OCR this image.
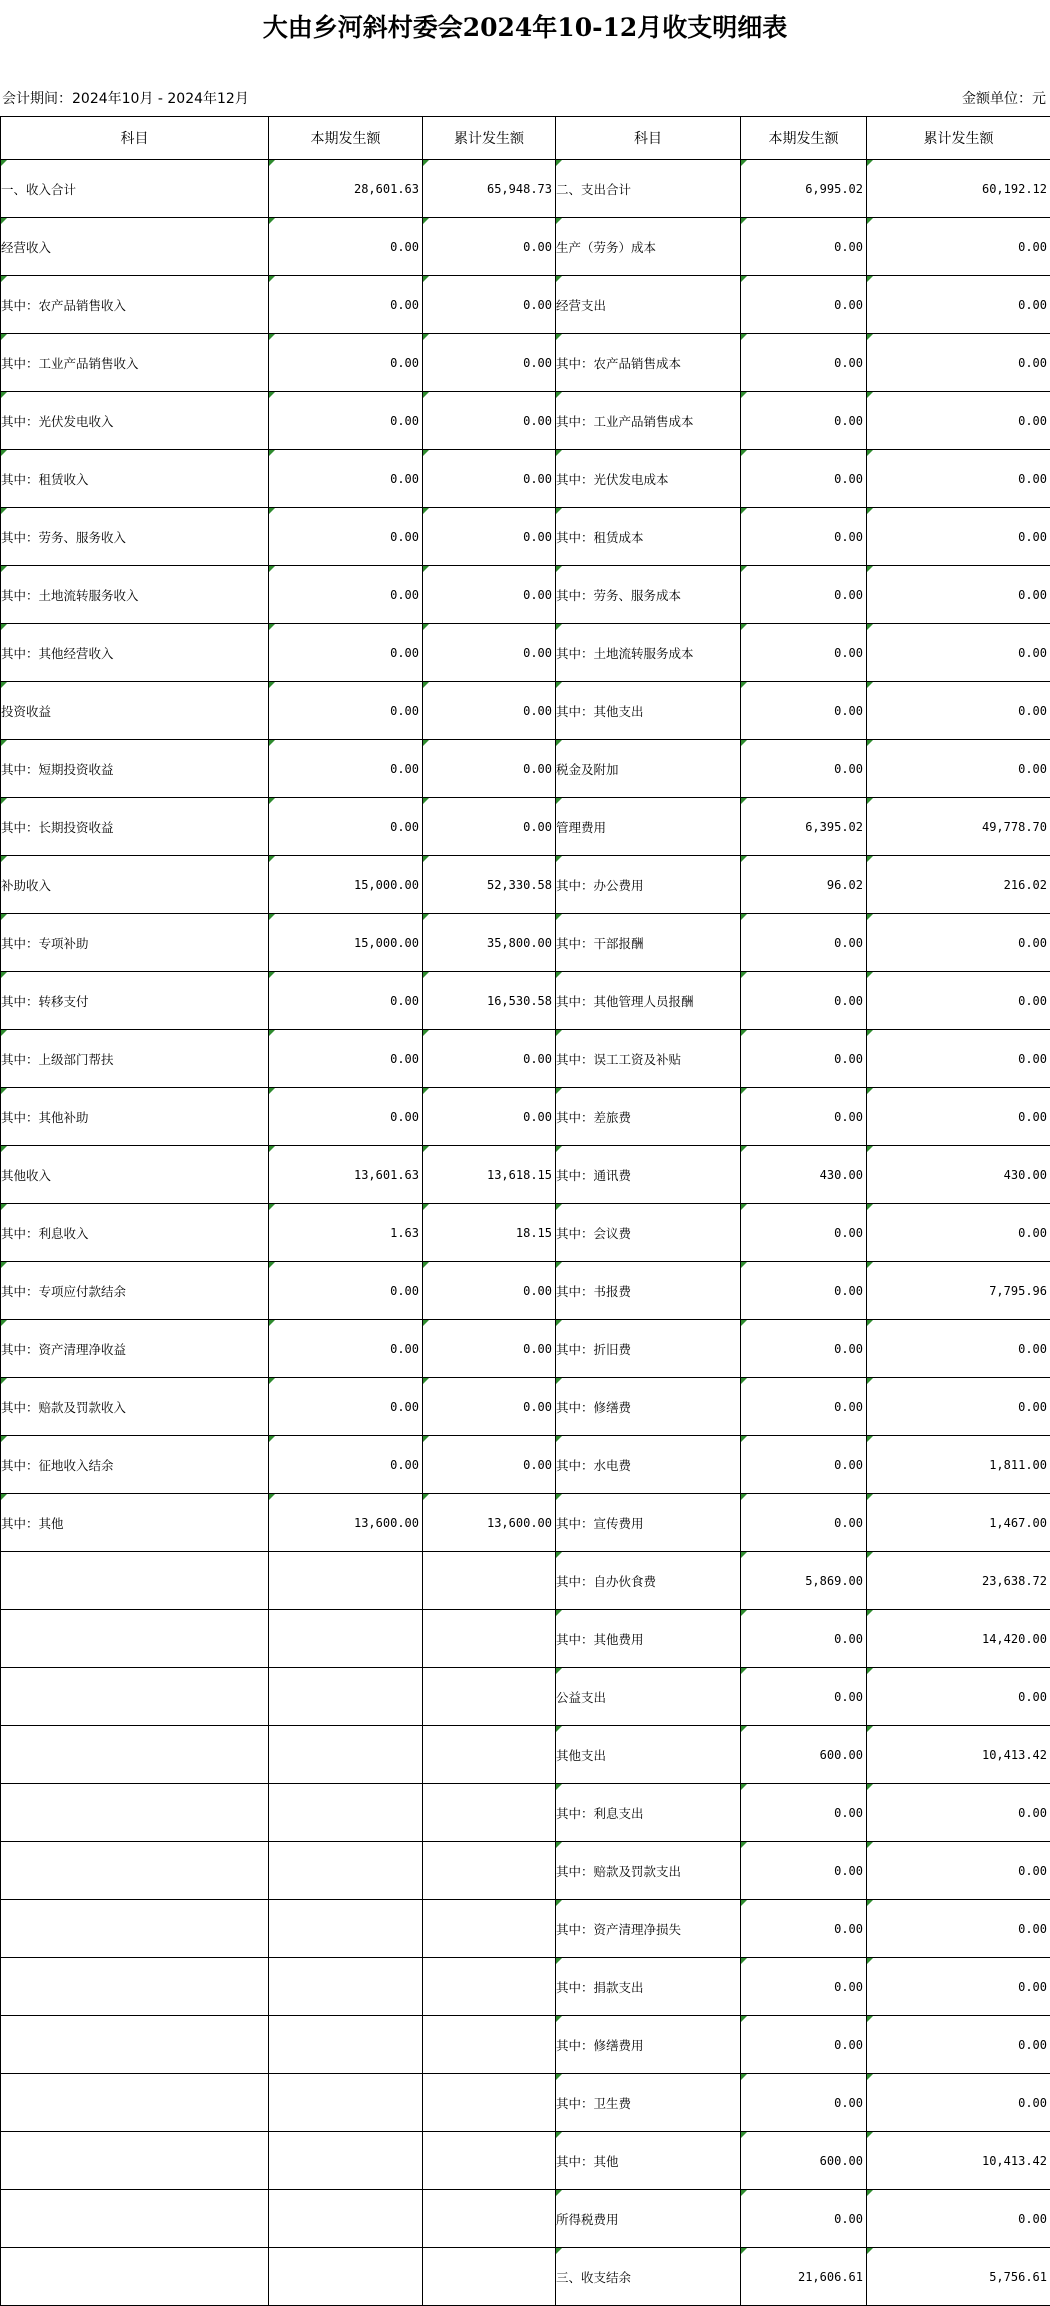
大由乡河斜村委会2024年10-12月收支明细表
会计期间：2024年10月 - 2024年12月	金额单位：元
科目	本期发生额	累计发生额	科目	本期发生额	累计发生额
一、收入合计	28,601.63	65,948.73	二、支出合计	6,995.02	60,192.12
经营收入	0.00	0.00	生产（劳务）成本	0.00	0.00
其中：农产品销售收入	0.00	0.00	经营支出	0.00	0.00
其中：工业产品销售收入	0.00	0.00	其中：农产品销售成本	0.00	0.00
其中：光伏发电收入	0.00	0.00	其中：工业产品销售成本	0.00	0.00
其中：租赁收入	0.00	0.00	其中：光伏发电成本	0.00	0.00
其中：劳务、服务收入	0.00	0.00	其中：租赁成本	0.00	0.00
其中：土地流转服务收入	0.00	0.00	其中：劳务、服务成本	0.00	0.00
其中：其他经营收入	0.00	0.00	其中：土地流转服务成本	0.00	0.00
投资收益	0.00	0.00	其中：其他支出	0.00	0.00
其中：短期投资收益	0.00	0.00	税金及附加	0.00	0.00
其中：长期投资收益	0.00	0.00	管理费用	6,395.02	49,778.70
补助收入	15,000.00	52,330.58	其中：办公费用	96.02	216.02
其中：专项补助	15,000.00	35,800.00	其中：干部报酬	0.00	0.00
其中：转移支付	0.00	16,530.58	其中：其他管理人员报酬	0.00	0.00
其中：上级部门帮扶	0.00	0.00	其中：误工工资及补贴	0.00	0.00
其中：其他补助	0.00	0.00	其中：差旅费	0.00	0.00
其他收入	13,601.63	13,618.15	其中：通讯费	430.00	430.00
其中：利息收入	1.63	18.15	其中：会议费	0.00	0.00
其中：专项应付款结余	0.00	0.00	其中：书报费	0.00	7,795.96
其中：资产清理净收益	0.00	0.00	其中：折旧费	0.00	0.00
其中：赔款及罚款收入	0.00	0.00	其中：修缮费	0.00	0.00
其中：征地收入结余	0.00	0.00	其中：水电费	0.00	1,811.00
其中：其他	13,600.00	13,600.00	其中：宣传费用	0.00	1,467.00
			其中：自办伙食费	5,869.00	23,638.72
			其中：其他费用	0.00	14,420.00
			公益支出	0.00	0.00
			其他支出	600.00	10,413.42
			其中：利息支出	0.00	0.00
			其中：赔款及罚款支出	0.00	0.00
			其中：资产清理净损失	0.00	0.00
			其中：捐款支出	0.00	0.00
			其中：修缮费用	0.00	0.00
			其中：卫生费	0.00	0.00
			其中：其他	600.00	10,413.42
			所得税费用	0.00	0.00
			三、收支结余	21,606.61	5,756.61
